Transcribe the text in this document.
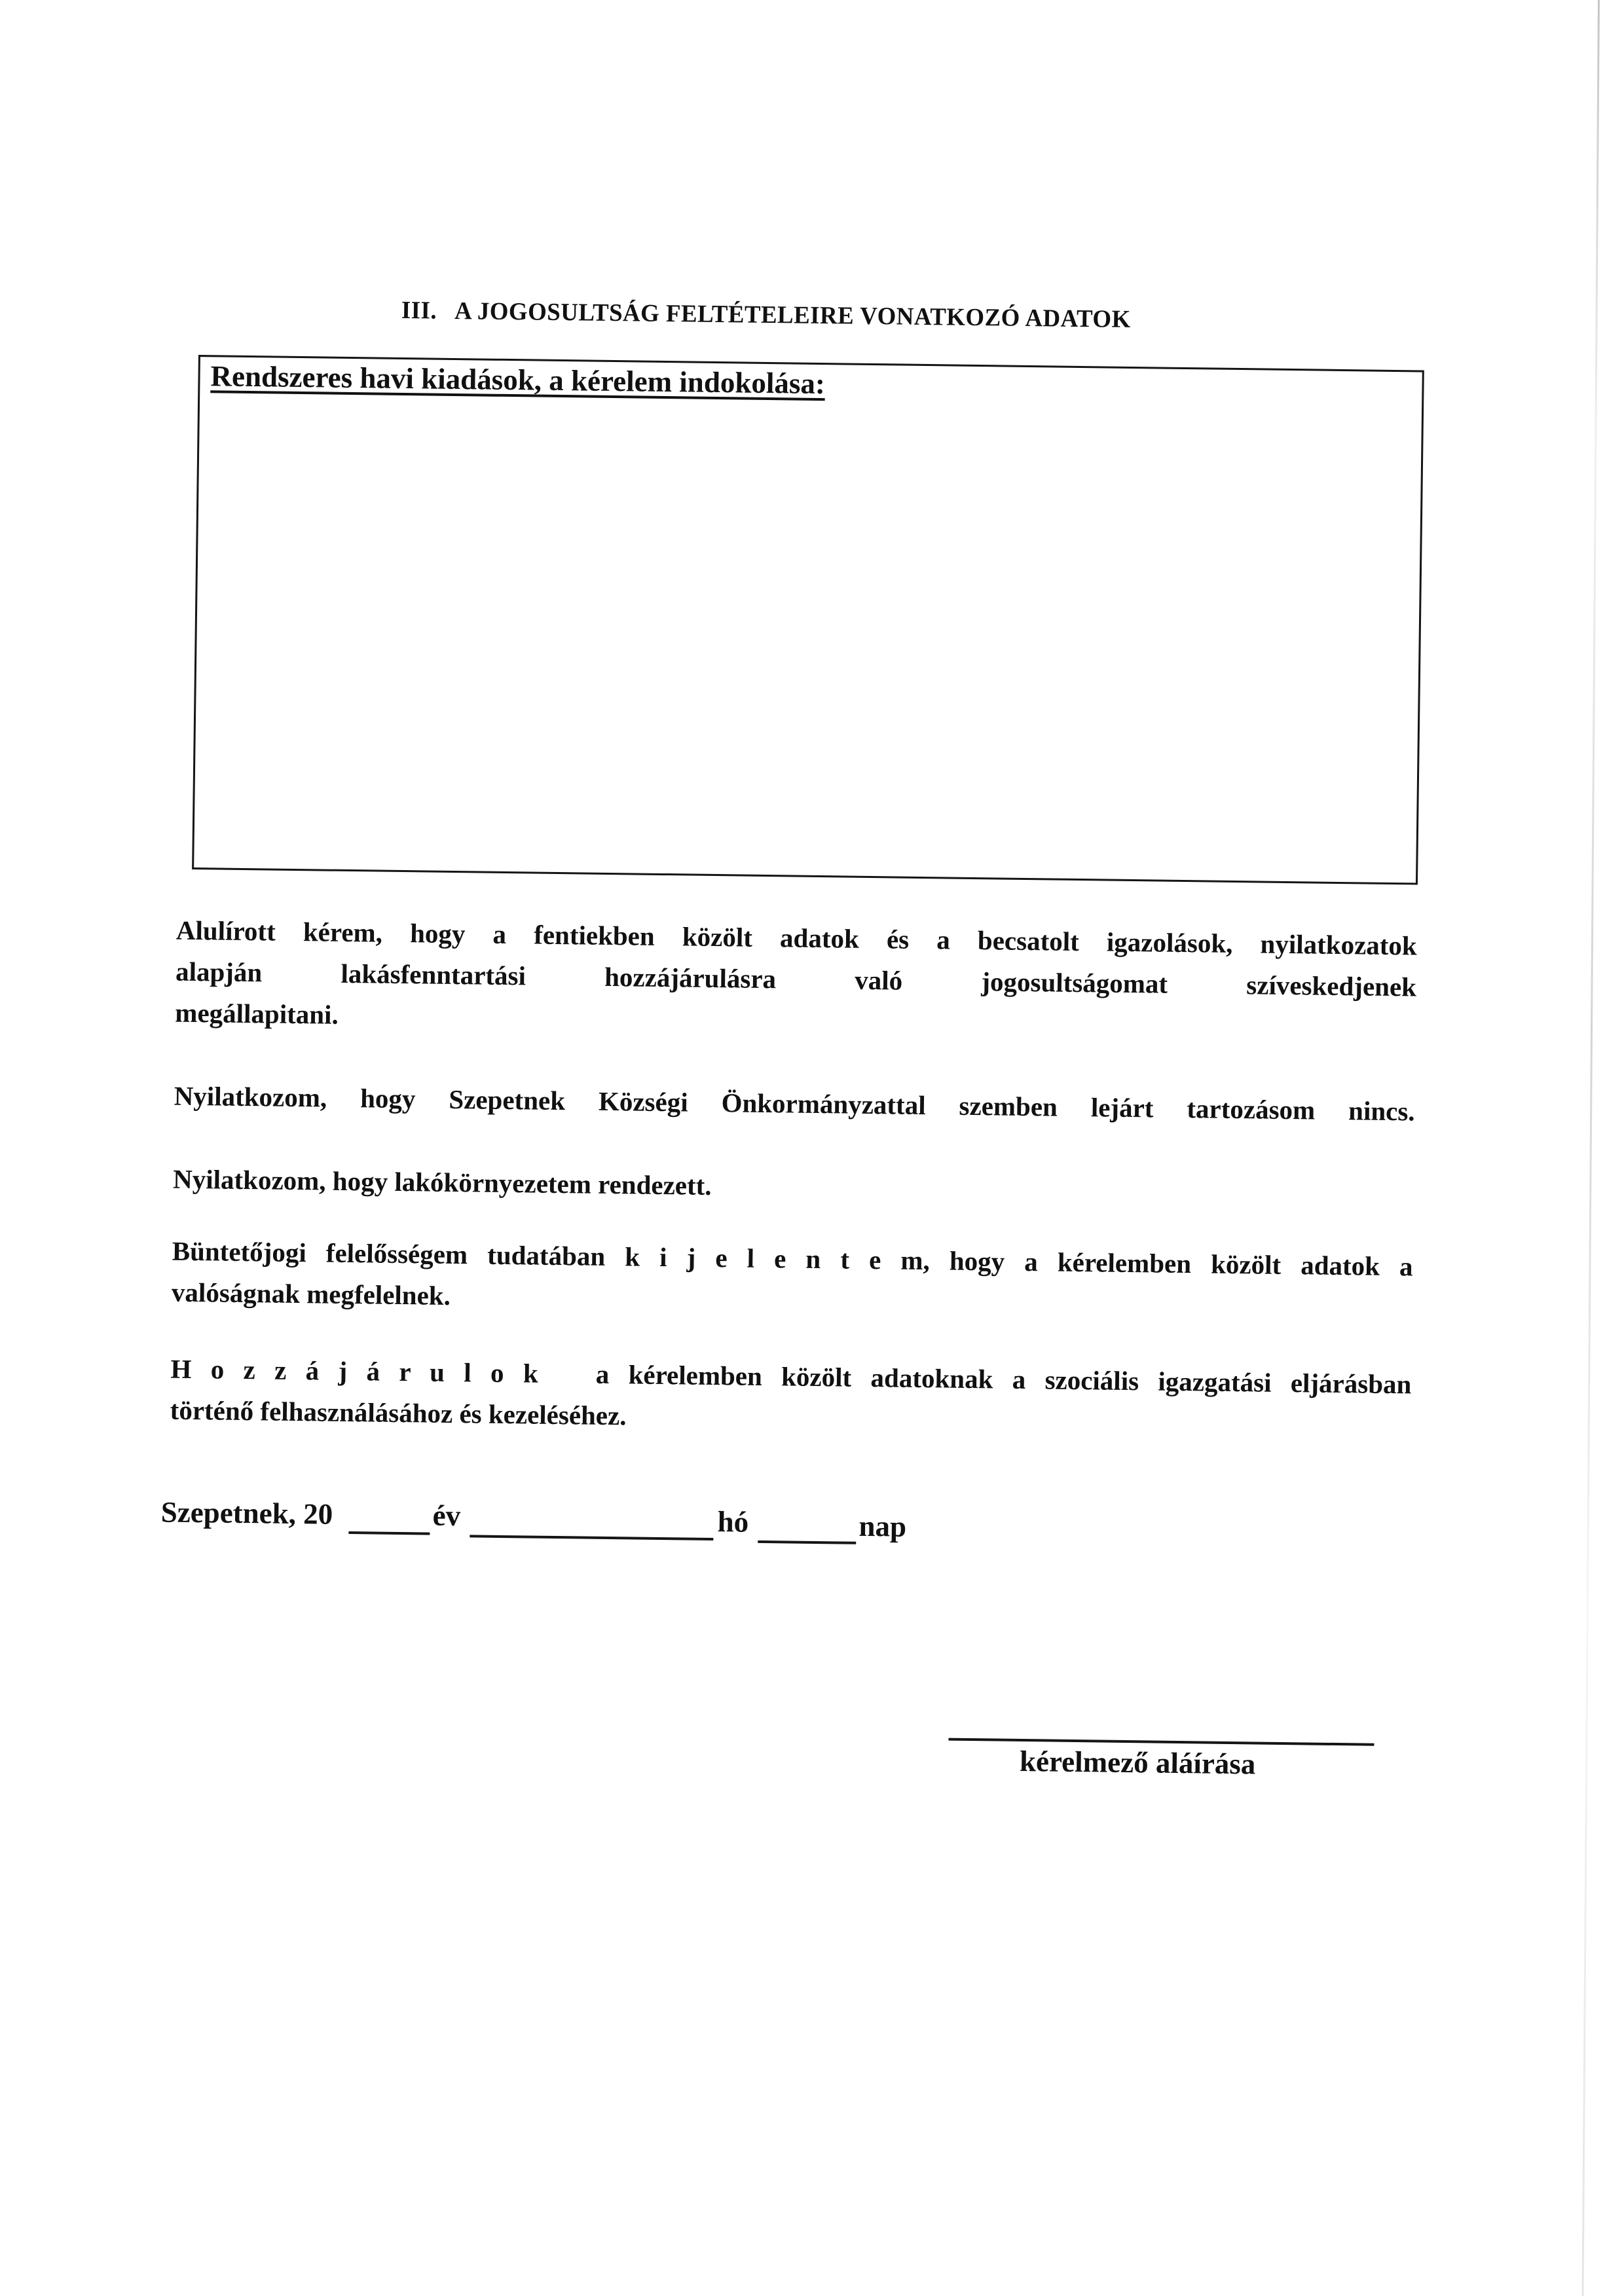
III. A JOGOSULTSÁG FELTÉTELEIRE VONATKOZÓ ADATOK
Rendszeres havi kiadások, a kérelem indokolása:
Alulírott kérem, hogy a fentiekben közölt adatok és a becsatolt igazolások, nyilatkozatok
alapján lakásfenntartási hozzájárulásra való jogosultságomat szíveskedjenek
megállapitani.
Nyilatkozom, hogy Szepetnek Községi Önkormányzattal szemben lejárt tartozásom nincs.
Nyilatkozom, hogy lakókörnyezetem rendezett.
Büntetőjogi felelősségem tudatában k i j e l e n t e m, hogy a kérelemben közölt adatok a
valóságnak megfelelnek.
H o z z á j á r u l o k a kérelemben közölt adatoknak a szociális igazgatási eljárásban
történő felhasználásához és kezeléséhez.
Szepetnek, 20	év	hó	nap
kérelmező aláírása
